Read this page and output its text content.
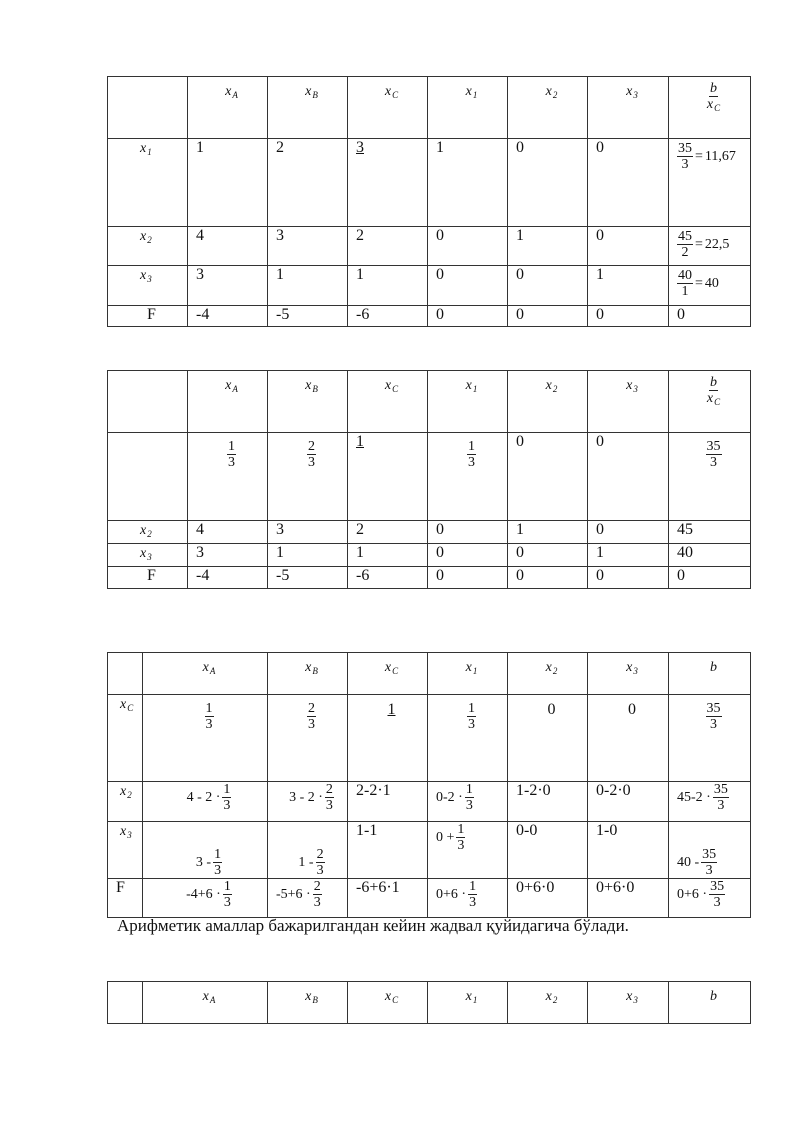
	$x_A$	$x_B$	$x_C$	$x_1$	$x_2$	$x_3$	$\frac{b}{x_C}$

$x_1$	1	2	3	1	0	0	$\frac{35}{3} = 11,67$

$x_2$	4	3	2	0	1	0	$\frac{45}{2} = 22,5$

$x_3$	3	1	1	0	0	1	$\frac{40}{1} = 40$

F	-4	-5	-6	0	0	0	0
	$x_A$	$x_B$	$x_C$	$x_1$	$x_2$	$x_3$	$\frac{b}{x_C}$

	$\frac{1}{3}$	$\frac{2}{3}$	1	$\frac{1}{3}$	0	0	$\frac{35}{3}$

$x_2$	4	3	2	0	1	0	45
$x_3$	3	1	1	0	0	1	40
F	-4	-5	-6	0	0	0	0
	$x_A$	$x_B$	$x_C$	$x_1$	$x_2$	$x_3$	b
$x_C$	$\frac{1}{3}$	$\frac{2}{3}$	1	$\frac{1}{3}$	0	0	$\frac{35}{3}$

$x_2$	$4 - 2 \cdot \frac{1}{3}$	$3 - 2 \cdot \frac{2}{3}$	2-2·1	$0-2 \cdot \frac{1}{3}$	1-2·0	0-2·0	$45-2 \cdot \frac{35}{3}$

$x_3$	$3 - \frac{1}{3}$	$1 - \frac{2}{3}$	1-1	$0 + \frac{1}{3}$	0-0	1-0	$40 - \frac{35}{3}$

F	$-4+6 \cdot \frac{1}{3}$	$-5+6 \cdot \frac{2}{3}$	-6+6·1	$0+6 \cdot \frac{1}{3}$	0+6·0	0+6·0	$0+6 \cdot \frac{35}{3}$
Арифметик амаллар бажарилгандан кейин жадвал қуйидагича бўлади.
	$x_A$	$x_B$	$x_C$	$x_1$	$x_2$	$x_3$	b
